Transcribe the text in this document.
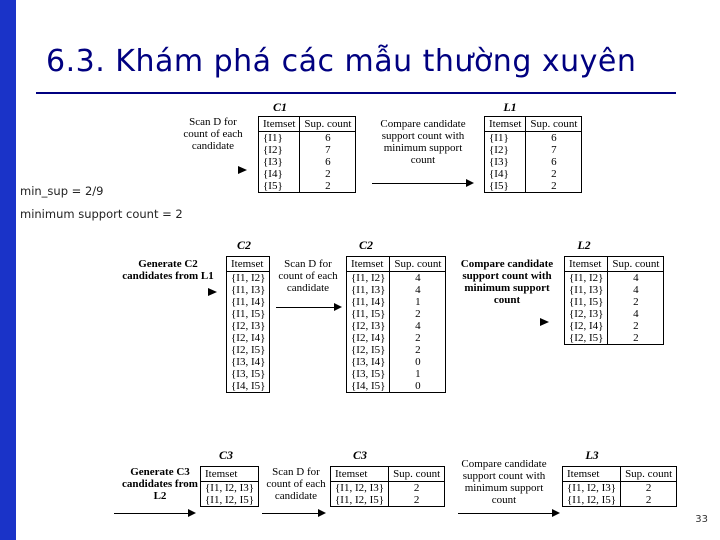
6.3. Khám phá các mẫu thường xuyên
min_sup = 2/9
minimum support count = 2
Scan D for
count of each
candidate
C1
Itemset	Sup. count
{I1}	6
{I2}	7
{I3}	6
{I4}	2
{I5}	2
Compare candidate
support count with
minimum support
count
L1
Itemset	Sup. count
{I1}	6
{I2}	7
{I3}	6
{I4}	2
{I5}	2
Generate C2
candidates from L1
C2
Itemset
{I1, I2}
{I1, I3}
{I1, I4}
{I1, I5}
{I2, I3}
{I2, I4}
{I2, I5}
{I3, I4}
{I3, I5}
{I4, I5}
Scan D for
count of each
candidate
C2
Itemset	Sup. count
{I1, I2}	4
{I1, I3}	4
{I1, I4}	1
{I1, I5}	2
{I2, I3}	4
{I2, I4}	2
{I2, I5}	2
{I3, I4}	0
{I3, I5}	1
{I4, I5}	0
Compare candidate
support count with
minimum support
count
L2
Itemset	Sup. count
{I1, I2}	4
{I1, I3}	4
{I1, I5}	2
{I2, I3}	4
{I2, I4}	2
{I2, I5}	2
Generate C3
candidates from
L2
C3
Itemset
{I1, I2, I3}
{I1, I2, I5}
Scan D for
count of each
candidate
C3
Itemset	Sup. count
{I1, I2, I3}	2
{I1, I2, I5}	2
Compare candidate
support count with
minimum support
count
L3
Itemset	Sup. count
{I1, I2, I3}	2
{I1, I2, I5}	2
33
